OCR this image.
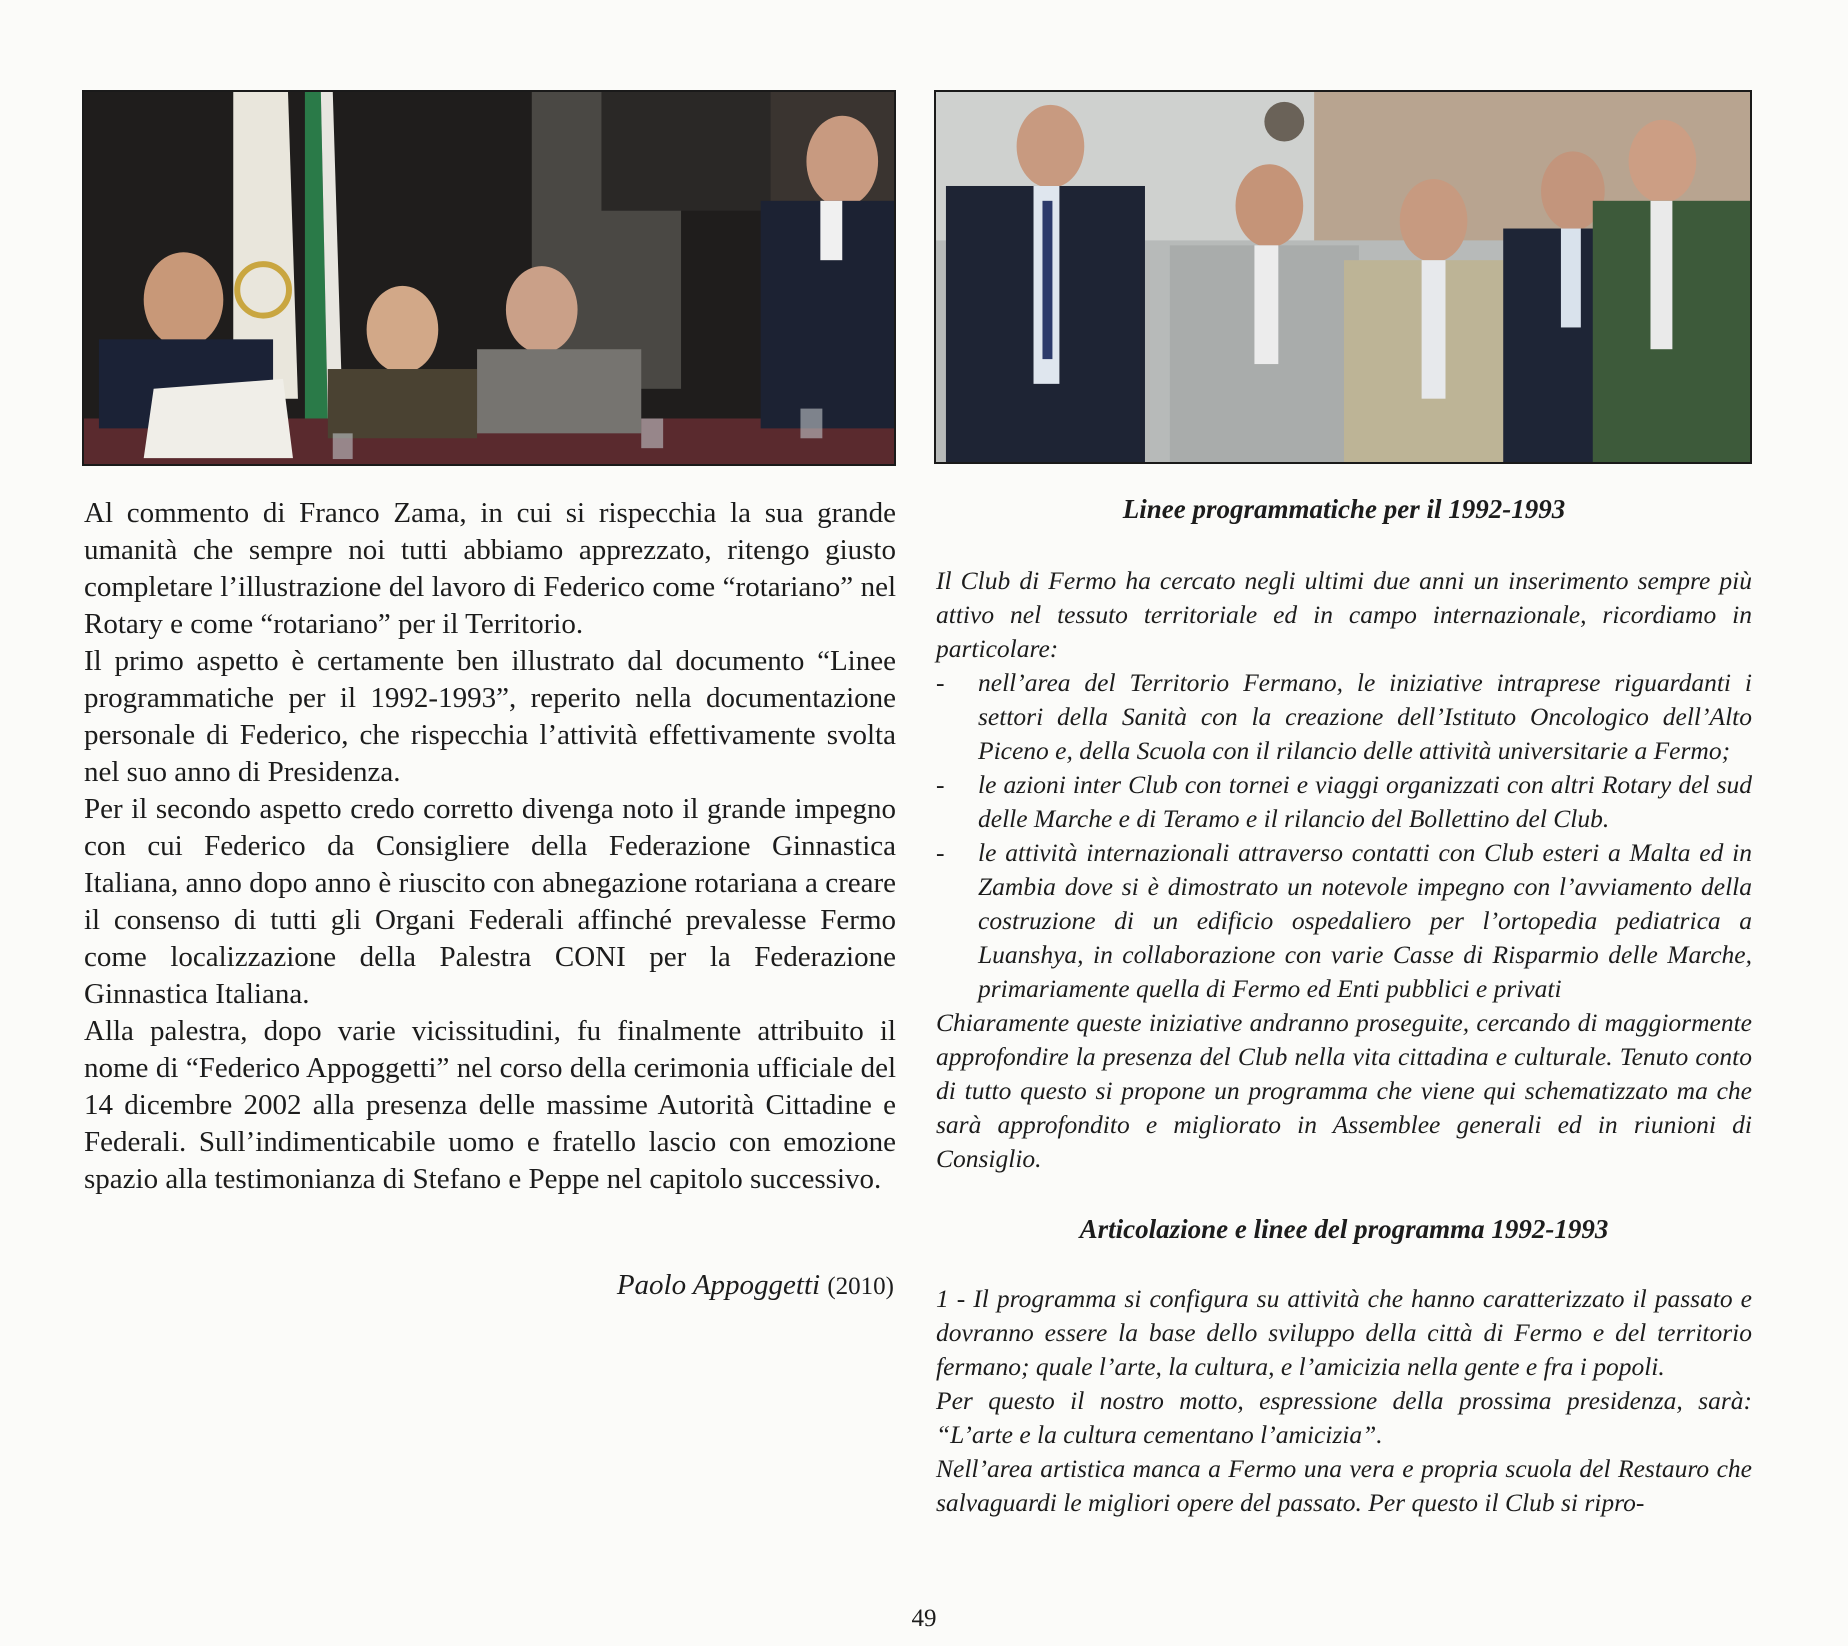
Al commento di Franco Zama, in cui si rispecchia la sua grande umanità che sempre noi tutti abbiamo apprezzato, ritengo giusto completare l’illustrazione del lavoro di Federico come “rotariano” nel Rotary e come “rotariano” per il Territorio.

Il primo aspetto è certamente ben illustrato dal documento “Linee programmatiche per il 1992-1993”, reperito nella documentazione personale di Federico, che rispecchia l’attività effettivamente svolta nel suo anno di Presidenza.

Per il secondo aspetto credo corretto divenga noto il grande impegno con cui Federico da Consigliere della Federazione Ginnastica Italiana, anno dopo anno è riuscito con abnegazione rotariana a creare il consenso di tutti gli Organi Federali affinché prevalesse Fermo come localizzazione della Palestra CONI per la Federazione Ginnastica Italiana.

Alla palestra, dopo varie vicissitudini, fu finalmente attribuito il nome di “Federico Appoggetti” nel corso della cerimonia ufficiale del 14 dicembre 2002 alla presenza delle massime Autorità Cittadine e Federali. Sull’indimenticabile uomo e fratello lascio con emozione spazio alla testimonianza di Stefano e Peppe nel capitolo successivo.

Paolo Appoggetti (2010)

Linee programmatiche per il 1992-1993

Il Club di Fermo ha cercato negli ultimi due anni un inserimento sempre più attivo nel tessuto territoriale ed in campo internazionale, ricordiamo in particolare:

- nell’area del Territorio Fermano, le iniziative intraprese riguardanti i settori della Sanità con la creazione dell’Istituto Oncologico dell’Alto Piceno e, della Scuola con il rilancio delle attività universitarie a Fermo;
- le azioni inter Club con tornei e viaggi organizzati con altri Rotary del sud delle Marche e di Teramo e il rilancio del Bollettino del Club.
- le attività internazionali attraverso contatti con Club esteri a Malta ed in Zambia dove si è dimostrato un notevole impegno con l’avviamento della costruzione di un edificio ospedaliero per l’ortopedia pediatrica a Luanshya, in collaborazione con varie Casse di Risparmio delle Marche, primariamente quella di Fermo ed Enti pubblici e privati

Chiaramente queste iniziative andranno proseguite, cercando di maggiormente approfondire la presenza del Club nella vita cittadina e culturale. Tenuto conto di tutto questo si propone un programma che viene qui schematizzato ma che sarà approfondito e migliorato in Assemblee generali ed in riunioni di Consiglio.

Articolazione e linee del programma 1992-1993

1 - Il programma si configura su attività che hanno caratterizzato il passato e dovranno essere la base dello sviluppo della città di Fermo e del territorio fermano; quale l’arte, la cultura, e l’amicizia nella gente e fra i popoli.

Per questo il nostro motto, espressione della prossima presidenza, sarà: “L’arte e la cultura cementano l’amicizia”.

Nell’area artistica manca a Fermo una vera e propria scuola del Restauro che salvaguardi le migliori opere del passato. Per questo il Club si ripro-

49
